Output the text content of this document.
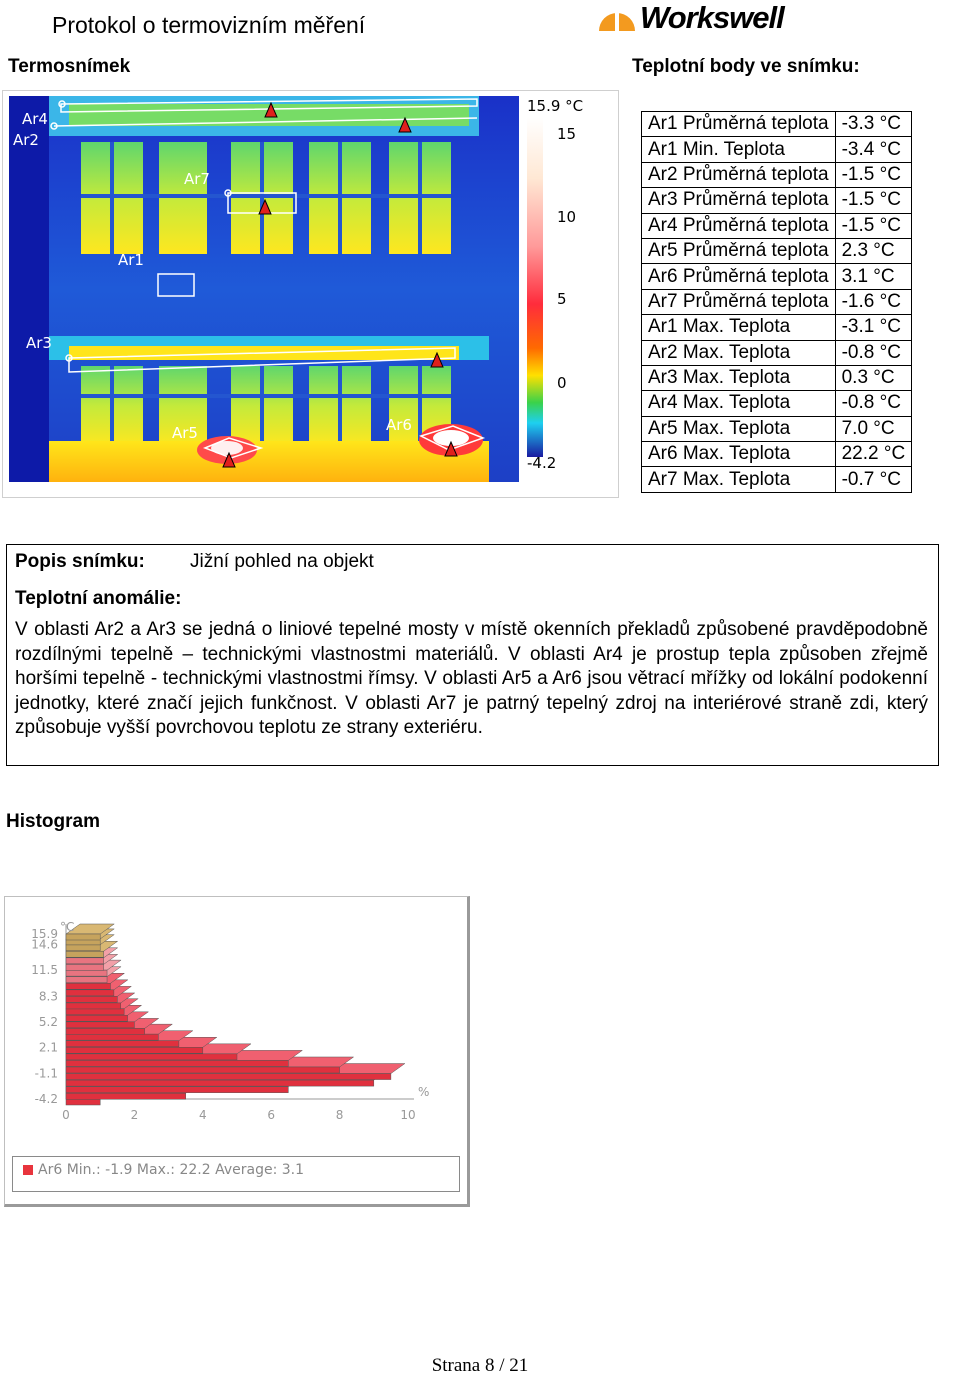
Protokol o termovizním měření	Workswell
Termosnímek	Teplotní body ve snímku:
Ar4
Ar2
Ar7
Ar1
Ar3
Ar5	Ar6
15.9 °C
15
10
5
0
-4.2
Ar1 Průměrná teplota	-3.3 °C
Ar1 Min. Teplota	-3.4 °C
Ar2 Průměrná teplota	-1.5 °C
Ar3 Průměrná teplota	-1.5 °C
Ar4 Průměrná teplota	-1.5 °C
Ar5 Průměrná teplota	2.3 °C
Ar6 Průměrná teplota	3.1 °C
Ar7 Průměrná teplota	-1.6 °C
Ar1 Max. Teplota	-3.1 °C
Ar2 Max. Teplota	-0.8 °C
Ar3 Max. Teplota	0.3 °C
Ar4 Max. Teplota	-0.8 °C
Ar5 Max. Teplota	7.0 °C
Ar6 Max. Teplota	22.2 °C
Ar7 Max. Teplota	-0.7 °C
Popis snímku: Jižní pohled na objekt
Teplotní anomálie:
V oblasti Ar2 a Ar3 se jedná o liniové tepelné mosty v místě okenních překladů způsobené pravděpodobně rozdílnými tepelně – technickými vlastnostmi materiálů. V oblasti Ar4 je prostup tepla způsoben zřejmě horšími tepelně - technickými vlastnostmi římsy. V oblasti Ar5 a Ar6 jsou větrací mřížky od lokální podokenní jednotky, které značí jejich funkčnost. V oblasti Ar7 je patrný tepelný zdroj na interiérové straně zdi, který způsobuje vyšší povrchovou teplotu ze strany exteriéru.
Histogram
15.9
14.6
11.5
8.3
5.2
2.1
-1.1
-4.2
0	2	4	6	8	10
°C
%
Ar6 Min.: -1.9 Max.: 22.2 Average: 3.1
Strana 8 / 21
